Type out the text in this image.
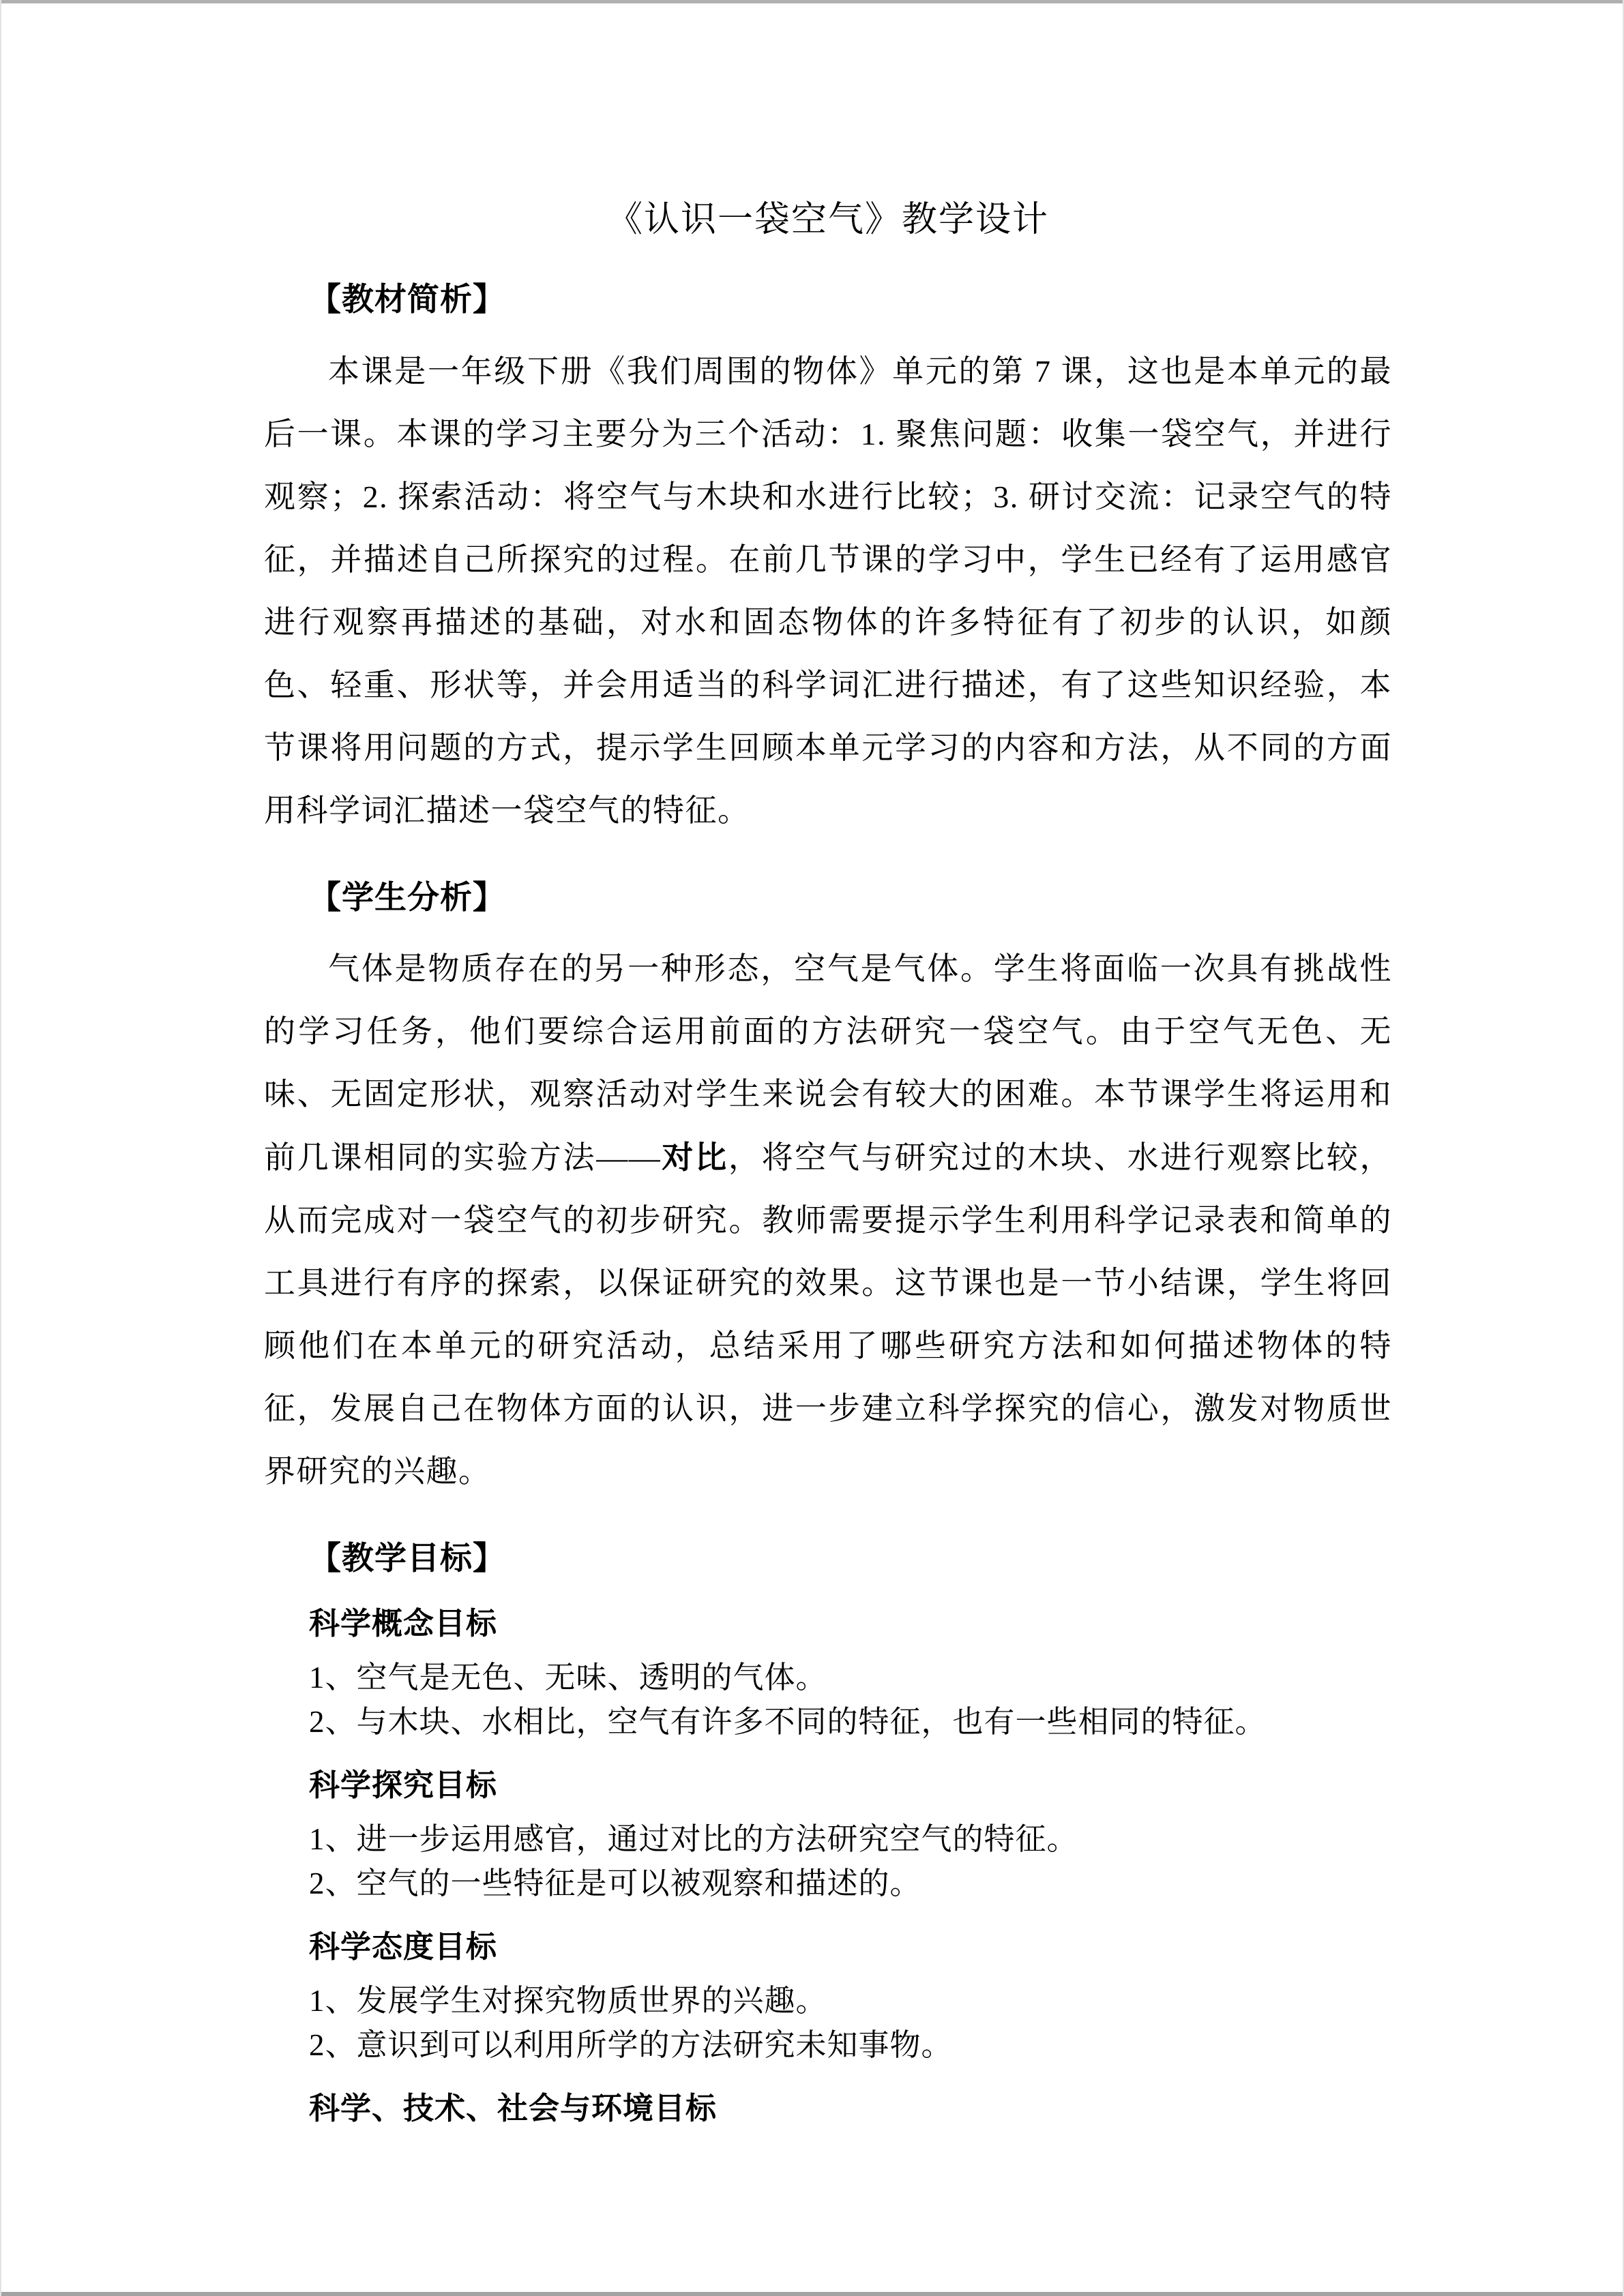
《认识一袋空气》教学设计
【教材简析】

本课是一年级下册《我们周围的物体》单元的第 7 课，这也是本单元的最后一课。本课的学习主要分为三个活动：1. 聚焦问题：收集一袋空气，并进行观察；2. 探索活动：将空气与木块和水进行比较；3. 研讨交流：记录空气的特征，并描述自己所探究的过程。在前几节课的学习中，学生已经有了运用感官进行观察再描述的基础，对水和固态物体的许多特征有了初步的认识，如颜色、轻重、形状等，并会用适当的科学词汇进行描述，有了这些知识经验，本节课将用问题的方式，提示学生回顾本单元学习的内容和方法，从不同的方面用科学词汇描述一袋空气的特征。

【学生分析】

气体是物质存在的另一种形态，空气是气体。学生将面临一次具有挑战性的学习任务，他们要综合运用前面的方法研究一袋空气。由于空气无色、无味、无固定形状，观察活动对学生来说会有较大的困难。本节课学生将运用和前几课相同的实验方法——对比，将空气与研究过的木块、水进行观察比较，从而完成对一袋空气的初步研究。教师需要提示学生利用科学记录表和简单的工具进行有序的探索，以保证研究的效果。这节课也是一节小结课，学生将回顾他们在本单元的研究活动，总结采用了哪些研究方法和如何描述物体的特征，发展自己在物体方面的认识，进一步建立科学探究的信心，激发对物质世界研究的兴趣。

【教学目标】
科学概念目标

1、空气是无色、无味、透明的气体。

2、与木块、水相比，空气有许多不同的特征，也有一些相同的特征。

科学探究目标

1、进一步运用感官，通过对比的方法研究空气的特征。

2、空气的一些特征是可以被观察和描述的。

科学态度目标

1、发展学生对探究物质世界的兴趣。

2、意识到可以利用所学的方法研究未知事物。

科学、技术、社会与环境目标
